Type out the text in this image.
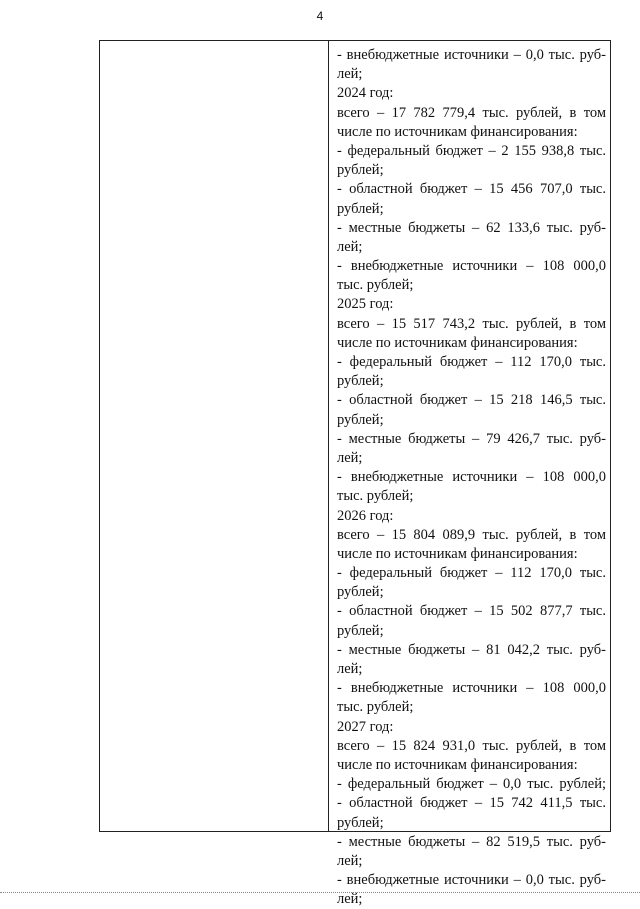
4
- внебюджетные источники – 0,0 тыс. руб-
лей;
2024 год:
всего – 17 782 779,4 тыс. рублей, в том
числе по источникам финансирования:
- федеральный бюджет – 2 155 938,8 тыс.
рублей;
- областной бюджет – 15 456 707,0 тыс.
рублей;
- местные бюджеты – 62 133,6 тыс. руб-
лей;
- внебюджетные источники – 108 000,0
тыс. рублей;
2025 год:
всего – 15 517 743,2 тыс. рублей, в том
числе по источникам финансирования:
- федеральный бюджет – 112 170,0 тыс.
рублей;
- областной бюджет – 15 218 146,5 тыс.
рублей;
- местные бюджеты – 79 426,7 тыс. руб-
лей;
- внебюджетные источники – 108 000,0
тыс. рублей;
2026 год:
всего – 15 804 089,9 тыс. рублей, в том
числе по источникам финансирования:
- федеральный бюджет – 112 170,0 тыс.
рублей;
- областной бюджет – 15 502 877,7 тыс.
рублей;
- местные бюджеты – 81 042,2 тыс. руб-
лей;
- внебюджетные источники – 108 000,0
тыс. рублей;
2027 год:
всего – 15 824 931,0 тыс. рублей, в том
числе по источникам финансирования:
- федеральный бюджет – 0,0 тыс. рублей;
- областной бюджет – 15 742 411,5 тыс.
рублей;
- местные бюджеты – 82 519,5 тыс. руб-
лей;
- внебюджетные источники – 0,0 тыс. руб-
лей;
